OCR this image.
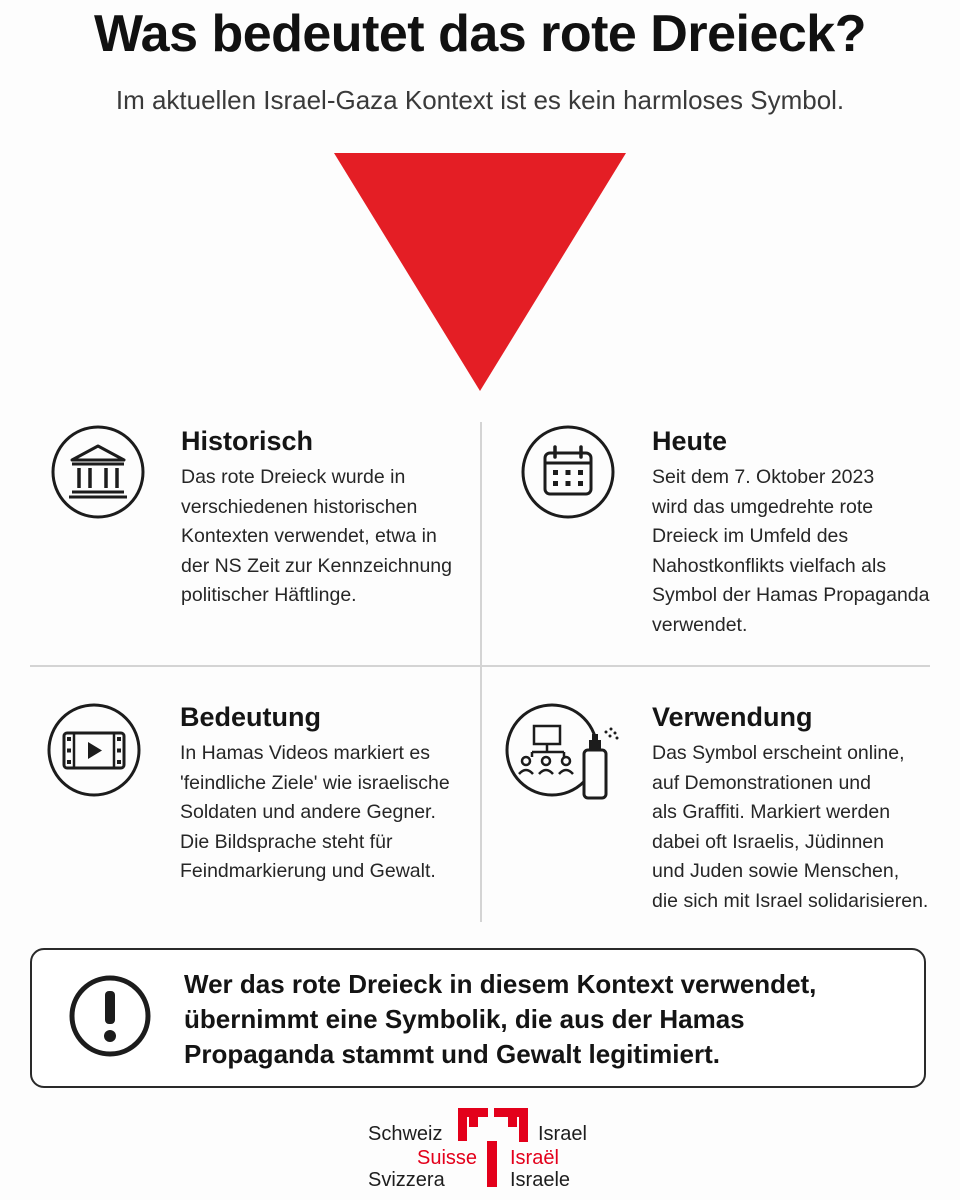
Was bedeutet das rote Dreieck?
Im aktuellen Israel-Gaza Kontext ist es kein harmloses Symbol.
Historisch
Das rote Dreieck wurde in
verschiedenen historischen
Kontexten verwendet, etwa in
der NS Zeit zur Kennzeichnung
politischer Häftlinge.
Heute
Seit dem 7. Oktober 2023
wird das umgedrehte rote
Dreieck im Umfeld des
Nahostkonflikts vielfach als
Symbol der Hamas Propaganda
verwendet.
Bedeutung
In Hamas Videos markiert es
'feindliche Ziele' wie israelische
Soldaten und andere Gegner.
Die Bildsprache steht für
Feindmarkierung und Gewalt.
Verwendung
Das Symbol erscheint online,
auf Demonstrationen und
als Graffiti. Markiert werden
dabei oft Israelis, Jüdinnen
und Juden sowie Menschen,
die sich mit Israel solidarisieren.
Wer das rote Dreieck in diesem Kontext verwendet,
übernimmt eine Symbolik, die aus der Hamas
Propaganda stammt und Gewalt legitimiert.
Schweiz
Suisse
Svizzera
Israel
Israël
Israele
